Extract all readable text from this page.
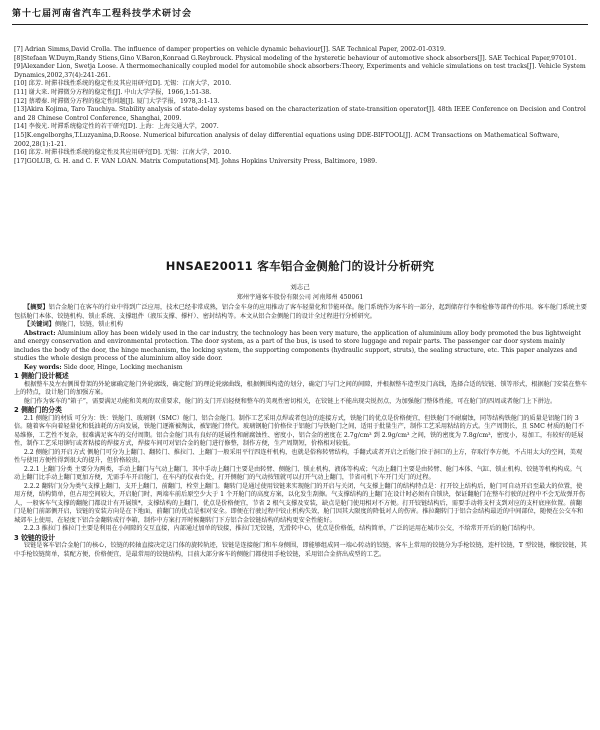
第十七届河南省汽车工程科技学术研讨会
[7] Adrian Simms,David Crolla. The influence of damper properties on vehicle dynamic behaviour[J]. SAE Technical Paper, 2002-01-0319.
[8]Stefaan W.Duym,Randy Stiens,Gino V.Baron,Konraad G.Reybrouck. Physical modeling of the hysteretic behaviour of automotive shock absorbers[J]. SAE Techical Paper,970101.
[9]Alexander Lion, Swetja Loose. A thermomechanically coupled model for automobile shock absorbers:Theory, Experiments and vehicle simulations on test tracks[J]. Vehicle System Dynamics,2002,37(4):241-261.
[10] 邱芳. 时滞非线性系统的稳定性及其应用研究[D]. 无锡：江南大学，2010.
[11] 谢大来. 时滞微分方程的稳定性[J]. 中山大学学报，1966,1:51-38.
[12] 蔡增秦. 时滞微分方程的稳定性问题[J]. 厦门大学学报，1978,3:1-13.
[13]Akira Kojima, Taro Tauchiya. Stability analysis of state-delay systems based on the characterization of state-transition operator[J]. 48th IEEE Conference on Decision and Control and 28 Chinese Control Conference, Shanghai, 2009.
[14] 李俊光. 时滞系统稳定性的若干研究[D]. 上海：上海交通大学，2007.
[15]K.engelborghs,T.Luzyanina,D.Roose. Numerical bifurcation analysis of delay differential equations using DDE-BIFTOOL[J]. ACM Transactions on Mathematical Software, 2002,28(1):1-21.
[16] 邱芳. 时滞非线性系统的稳定性及其应用研究[D]. 无锡：江南大学，2010.
[17]GOLUB, G. H. and C. F. VAN LOAN. Matrix Computations[M]. Johns Hopkins University Press, Baltimore, 1989.
HNSAE20011 客车铝合金侧舱门的设计分析研究
刘志己
郑州宇通客车股份有限公司 河南郑州 450061

【摘要】铝合金舱门在客车的行业中得到广泛应用，技术已经非常成熟，铝合金车身的应用推动了客车轻量化和节能环保。舱门系统作为客车的一部分，起到储存行李和检修等部件的作用。客车舱门系统主要包括舱门本体、铰链机构、锁止系统、支撑组件（液压支撑、撑杆）、密封结构等。本文从铝合金侧舱门的设计全过程进行分析研究。

【关键词】侧舱门，铰链，锁止机构

Abstract: Aluminium alloy has been widely used in the car industry, the technology has been very mature, the application of aluminium alloy body promoted the bus lightweight and energy conservation and environmental protection. The door system, as a part of the bus, is used to store luggage and repair parts. The passenger car door system mainly includes the body of the door, the hinge mechanism, the locking system, the supporting components (hydraulic support, struts), the sealing structure, etc. This paper analyzes and studies the whole design process of the aluminium alloy side door.

Key words: Side door, Hinge, Locking mechanism

1 侧舱门设计概述

根据整车及左右侧围骨架的外轮廓确定舱门外轮廓线，确定舱门的理论轮廓曲线，根据侧围构造的划分，确定门与门之间的间隙，并根据整车造型及门高线，选择合适的铰链、锁等形式，根据舱门安装在整车上的特点，设计舱门的加强方案。

舱门作为客车的“箱子”，需要满足功能和美观的双重要求，舱门的支门开启轻便和整车的美观性密切相关，在铰链上不能出现尖锐拐点，为加强舱门整体性能，可在舱门的四周或者舱门上下拼边。

2 侧舱门的分类

2.1 侧舱门的材质 可分为：铁：铁舱门、玻璃钢（SMC）舱门、铝合金舱门。制作工艺采用点焊或者包边的连接方式，铁舱门的优点是价格便宜，但铁舱门不耐腐蚀，同等结构铁舱门的质量是铝舱门的 3 倍。随着客车向着轻量化和低油耗的方向发展，铁舱门逐渐被淘汰，被铝舱门替代。玻璃钢舱门价格位于铝舱门与铁舱门之间，适用于批量生产，制作工艺采用粘结的方式。生产周期长，且 SMC 材质的舱门不易维修，工艺性不复杂，很难满足客车的交付周期。铝合金舱门具有良好的延展性和耐腐蚀性、密度小，铝合金的密度在 2.7g/cm³ 到 2.9g/cm³ 之间，铁的密度为 7.8g/cm³，密度小，易加工，有较好的延展性，制作工艺采用铆钉或者粘接的焊接方式，焊接车间可对铝合金的舱门进行修整，制作方便，生产周期短，价格相对较低。

2.2 侧舱门的开启方式 侧舱门可分为上翻门、翻转门、推拉门、上翻门一般采用平行四连杆机构，也就是俗称转臂结构，手翻式或者开启之后舱门位于洞口的上方，存取行李方便，不占用太大的空间，美观性与使用方便性得到很大的提升，但价格较贵。

2.2.1 上翻门分类 主要分为两类，手动上翻门与气动上翻门，其中手动上翻门主要是由转臂、侧舱门、锁止机构、液体等构成；气动上翻门主要是由转臂、舱门本体、气缸、锁止机构、铰链等机构构成。气动上翻门比手动上翻门更加方便，无需手车开启舱门，在车内的仪表台处，打开侧舱门的气动按钮就可以打开气动上翻门，节省司机下车开门关门的过程。

2.2.2 翻转门(分为类气支撑上翻门，支开上翻门，前翻门，栓堂上翻门。翻转门是通过使用铰链来实现舱门的开启与关闭，气支撑上翻门的结构特点是：打开铰上结构后，舱门可自动开启至最大的位置，使用方便，结构简单，但占用空间较大，开启舱门时，两端车前后原空少大于 1 个开舱门的高度方案，以化发生刮擦。气支撑结构的上翻门在设计时必须有自锁块，保证翻舱门在整车行驶的过程中不会无故弹开伤人，一般客车气支撑的翻舱门都设计有开展锁*，支撑结构的上翻门，优点是价格便宜，节省 2 根气支撑及安装，缺点是舱门使用相对不方便。打开铰链结构后，需要手动将支杆支到对应的支杆底座位置。前翻门是舱门前部侧开启，铰链的安装方向是在下地面，前翻门的优点是相对安全。即便在行驶过程中铰止机构失效，舱门因其大限度的降低对人的伤害。推拉翻转门于铝合金结构最近的中间部位，随便在公交车和城郊车上使用，在轻度下铝合金翻转成行李箱，制作中方案打开时候翻转门下方铝合金铰链结构的结构更安全性能好。

2.2.3 推拉门 推拉门主要是利用在小间隙的交互直接，内部通过加单的铰接，推拉门无铰链，无滑转中心，优点是价格低，结构简单，广泛的运用在城市公交，不给常开开后的舱门结构中。

3 铰链的设计

铰链是客车铝合金舱门的核心，铰链的转轴直接决定这门体的旋转轨迹，铰链是连接舱门和车身侧围，即能够组成同一端心转动的铰链，客车上常用的铰链分为手枪铰链，连杆铰链，T 型铰链，橡胶铰链，其中手枪铰链简单，装配方便，价格便宜，是最常用的铰链结构，目前大部分客车的侧舱门都使用手枪铰链，采用铝合金挤出成型的工艺。
